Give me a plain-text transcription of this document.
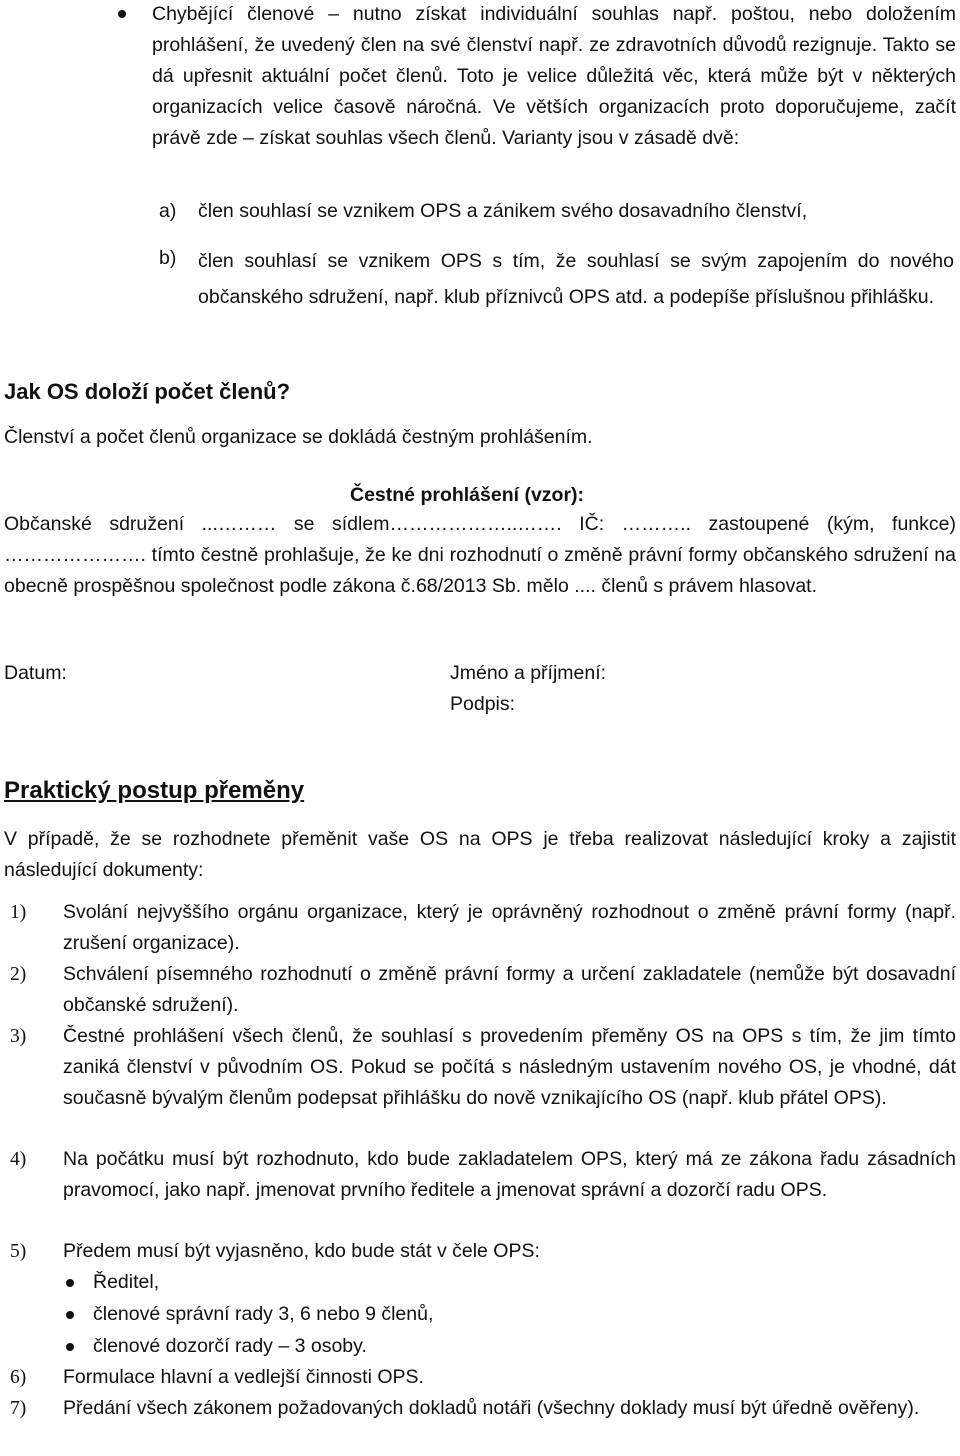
Chybějící členové – nutno získat individuální souhlas např. poštou, nebo doložením prohlášení, že uvedený člen na své členství např. ze zdravotních důvodů rezignuje. Takto se dá upřesnit aktuální počet členů. Toto je velice důležitá věc, která může být v některých organizacích velice časově náročná. Ve větších organizacích proto doporučujeme, začít právě zde – získat souhlas všech členů. Varianty jsou v zásadě dvě:
a) člen souhlasí se vznikem OPS a zánikem svého dosavadního členství,
b) člen souhlasí se vznikem OPS s tím, že souhlasí se svým zapojením do nového občanského sdružení, např. klub příznivců OPS atd. a podepíše příslušnou přihlášku.
Jak OS doloží počet členů?
Členství a počet členů organizace se dokládá čestným prohlášením.
Čestné prohlášení (vzor):
Občanské sdružení ...……… se sídlem………………..……. IČ: ……….. zastoupené (kým, funkce) …………………. tímto čestně prohlašuje, že ke dni rozhodnutí o změně právní formy občanského sdružení na obecně prospěšnou společnost podle zákona č.68/2013 Sb. mělo .... členů s právem hlasovat.
Datum:	Jméno a příjmení:
Podpis:
Praktický postup přeměny
V případě, že se rozhodnete přeměnit vaše OS na OPS je třeba realizovat následující kroky a zajistit následující dokumenty:
1) Svolání nejvyššího orgánu organizace, který je oprávněný rozhodnout o změně právní formy (např. zrušení organizace).
2) Schválení písemného rozhodnutí o změně právní formy a určení zakladatele (nemůže být dosavadní občanské sdružení).
3) Čestné prohlášení všech členů, že souhlasí s provedením přeměny OS na OPS s tím, že jim tímto zaniká členství v původním OS. Pokud se počítá s následným ustavením nového OS, je vhodné, dát současně bývalým členům podepsat přihlášku do nově vznikajícího OS (např. klub přátel OPS).
4) Na počátku musí být rozhodnuto, kdo bude zakladatelem OPS, který má ze zákona řadu zásadních pravomocí, jako např. jmenovat prvního ředitele a jmenovat správní a dozorčí radu OPS.
5) Předem musí být vyjasněno, kdo bude stát v čele OPS:
Ředitel,
členové správní rady 3, 6 nebo 9 členů,
členové dozorčí rady – 3 osoby.
6) Formulace hlavní a vedlejší činnosti OPS.
7) Předání všech zákonem požadovaných dokladů notáři (všechny doklady musí být úředně ověřeny).
